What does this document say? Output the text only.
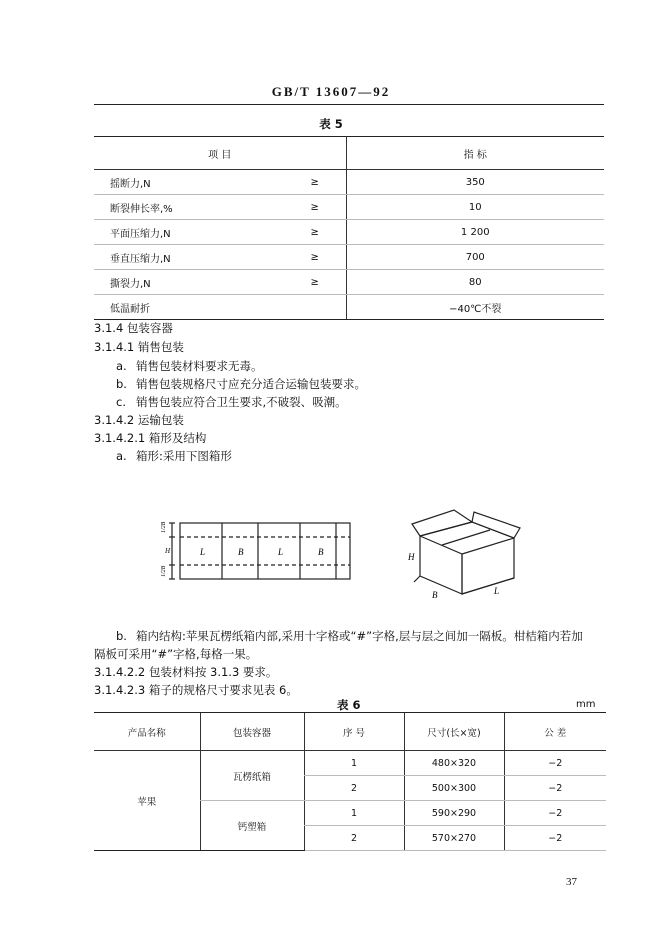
GB/T 13607—92
表 5
项 目		指 标
摇断力,N	≥	350
断裂伸长率,%	≥	10
平面压缩力,N	≥	1 200
垂直压缩力,N	≥	700
撕裂力,N	≥	80
低温耐折		−40℃不裂
3.1.4 包装容器
3.1.4.1 销售包装
a. 销售包装材料要求无毒。
b. 销售包装规格尺寸应充分适合运输包装要求。
c. 销售包装应符合卫生要求,不破裂、吸潮。
3.1.4.2 运输包装
3.1.4.2.1 箱形及结构
a. 箱形:采用下图箱形
L	B	L	B
1/2B
H
1/2B
H
L
B
b. 箱内结构:苹果瓦楞纸箱内部,采用十字格或“#”字格,层与层之间加一隔板。柑桔箱内若加
隔板可采用“#”字格,每格一果。
3.1.4.2.2 包装材料按 3.1.3 要求。
3.1.4.2.3 箱子的规格尺寸要求见表 6。
表 6	mm
产品名称	包装容器	序 号	尺寸(长×宽)	公 差
苹果	瓦楞纸箱	1	480×320	−2
		2	500×300	−2
	钙塑箱	1	590×290	−2
		2	570×270	−2
37
